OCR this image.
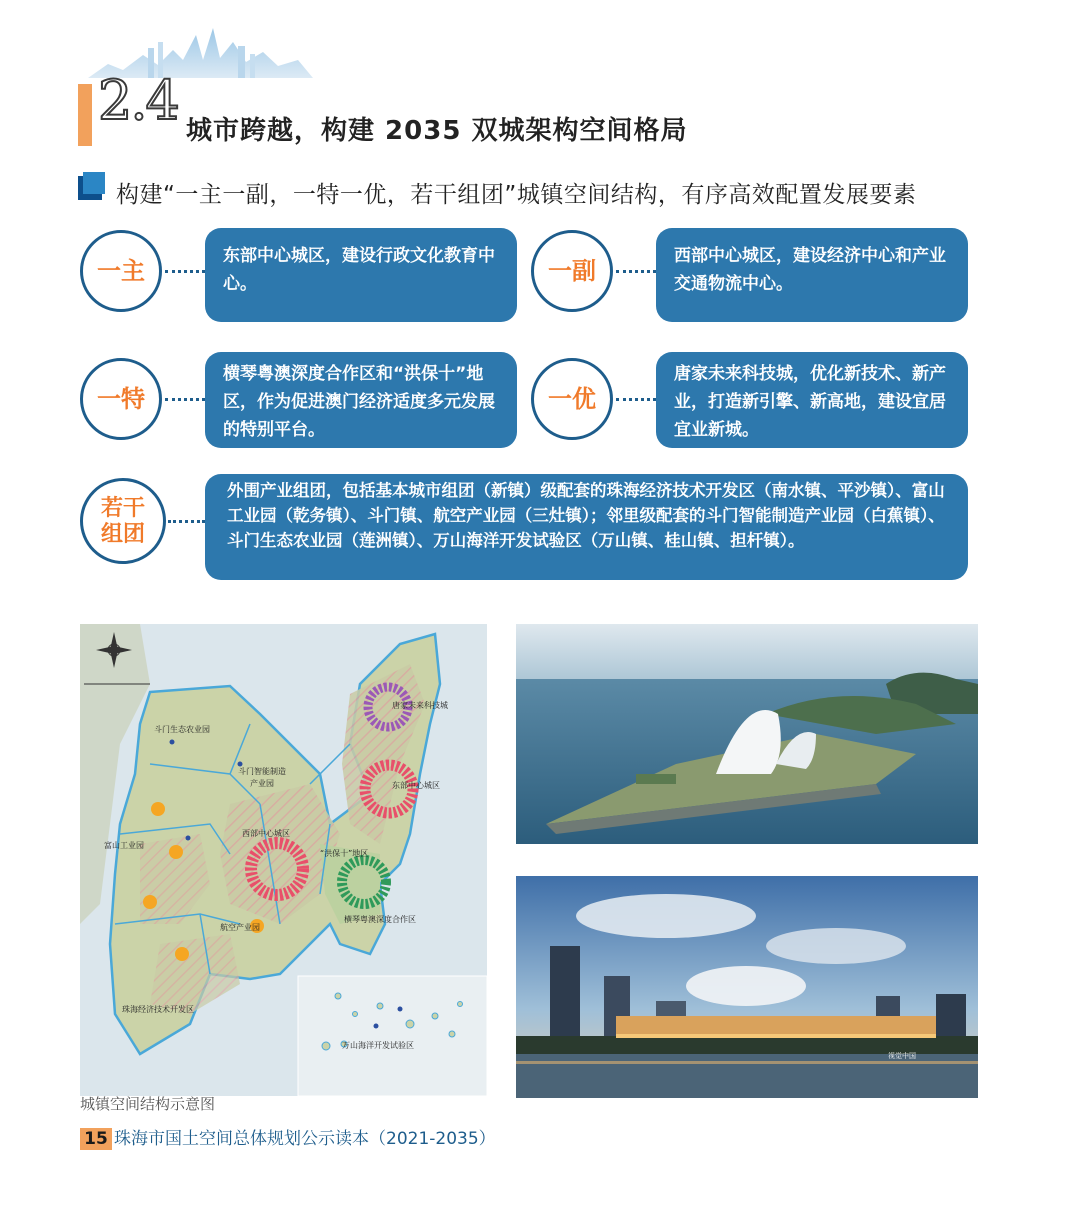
2.4 城市跨越，构建 2035 双城架构空间格局
构建“一主一副，一特一优，若干组团”城镇空间结构，有序高效配置发展要素
一主	东部中心城区，建设行政文化教育中心。	一副	西部中心城区，建设经济中心和产业交通物流中心。
一特
横琴粤澳深度合作区和“洪保十”地区，作为促进澳门经济适度多元发展的特别平台。
一优
唐家未来科技城，优化新技术、新产业，打造新引擎、新高地，建设宜居宜业新城。
若干
组团
外围产业组团，包括基本城市组团（新镇）级配套的珠海经济技术开发区（南水镇、平沙镇）、富山工业园（乾务镇）、斗门镇、航空产业园（三灶镇）；邻里级配套的斗门智能制造产业园（白蕉镇）、斗门生态农业园（莲洲镇）、万山海洋开发试验区（万山镇、桂山镇、担杆镇）。
唐家未来科技城
斗门生态农业园
斗门智能制造
产业园	东部中心城区
西部中心城区
富山工业园
“洪保十”地区
横琴粤澳深度合作区
航空产业园
珠海经济技术开发区
万山海洋开发试验区
城镇空间结构示意图
视觉中国
15 珠海市国土空间总体规划公示读本（2021-2035）
